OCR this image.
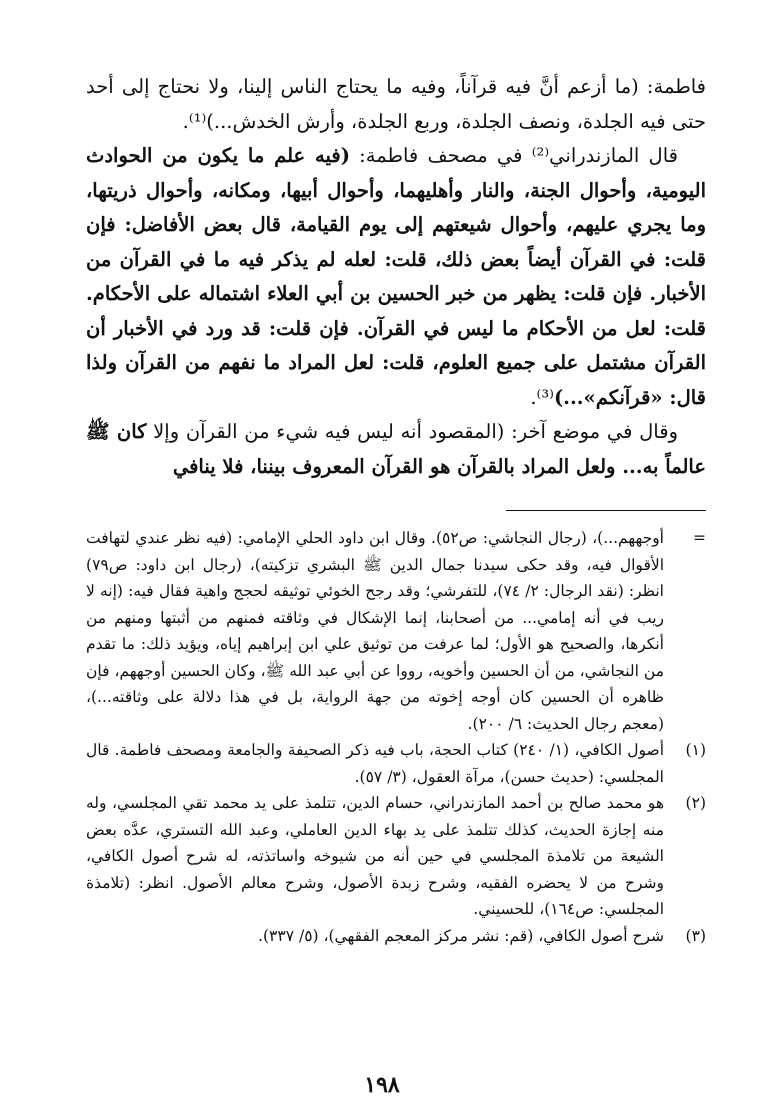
فاطمة: (ما أزعم أنَّ فيه قرآناً، وفيه ما يحتاج الناس إلينا، ولا نحتاج إلى أحد حتى فيه الجلدة، ونصف الجلدة، وربع الجلدة، وأرش الخدش...)⁽¹⁾.

قال المازندراني⁽²⁾ في مصحف فاطمة: (فيه علم ما يكون من الحوادث اليومية، وأحوال الجنة، والنار وأهليهما، وأحوال أبيها، ومكانه، وأحوال ذريتها، وما يجري عليهم، وأحوال شيعتهم إلى يوم القيامة، قال بعض الأفاضل: فإن قلت: في القرآن أيضاً بعض ذلك، قلت: لعله لم يذكر فيه ما في القرآن من الأخبار. فإن قلت: يظهر من خبر الحسين بن أبي العلاء اشتماله على الأحكام. قلت: لعل من الأحكام ما ليس في القرآن. فإن قلت: قد ورد في الأخبار أن القرآن مشتمل على جميع العلوم، قلت: لعل المراد ما نفهم من القرآن ولذا قال: «قرآنكم»...)⁽³⁾.

وقال في موضع آخر: (المقصود أنه ليس فيه شيء من القرآن وإلا كان ﷺ عالماً به... ولعل المراد بالقرآن هو القرآن المعروف بيننا، فلا ينافي

=
أوجههم...)، (رجال النجاشي: ص٥٢). وقال ابن داود الحلي الإمامي: (فيه نظر عندي لتهافت الأقوال فيه، وقد حكى سيدنا جمال الدين ﷺ البشري تزكيته)، (رجال ابن داود: ص٧٩) انظر: (نقد الرجال: ٢/ ٧٤)، للتفرشي؛ وقد رجح الخوئي توثيقه لحجج واهية فقال فيه: (إنه لا ريب في أنه إمامي... من أصحابنا، إنما الإشكال في وثاقته فمنهم من أثبتها ومنهم من أنكرها، والصحيح هو الأول؛ لما عرفت من توثيق علي ابن إبراهيم إياه، ويؤيد ذلك: ما تقدم من النجاشي، من أن الحسين وأخويه، رووا عن أبي عبد الله ﷺ، وكان الحسين أوجههم، فإن ظاهره أن الحسين كان أوجه إخوته من جهة الرواية، بل في هذا دلالة على وثاقته...)، (معجم رجال الحديث: ٦/ ٢٠٠).
(١)
أصول الكافي، (١/ ٢٤٠) كتاب الحجة، باب فيه ذكر الصحيفة والجامعة ومصحف فاطمة. قال المجلسي: (حديث حسن)، مرآة العقول، (٣/ ٥٧).
(٢)
هو محمد صالح بن أحمد المازندراني، حسام الدين، تتلمذ على يد محمد تقي المجلسي، وله منه إجازة الحديث، كذلك تتلمذ على يد بهاء الدين العاملي، وعبد الله التستري، عدَّه بعض الشيعة من تلامذة المجلسي في حين أنه من شيوخه واساتذته، له شرح أصول الكافي، وشرح من لا يحضره الفقيه، وشرح زبدة الأصول، وشرح معالم الأصول. انظر: (تلامذة المجلسي: ص١٦٤)، للحسيني.
(٣)
شرح أصول الكافي، (قم: نشر مركز المعجم الفقهي)، (٥/ ٣٣٧).
١٩٨
